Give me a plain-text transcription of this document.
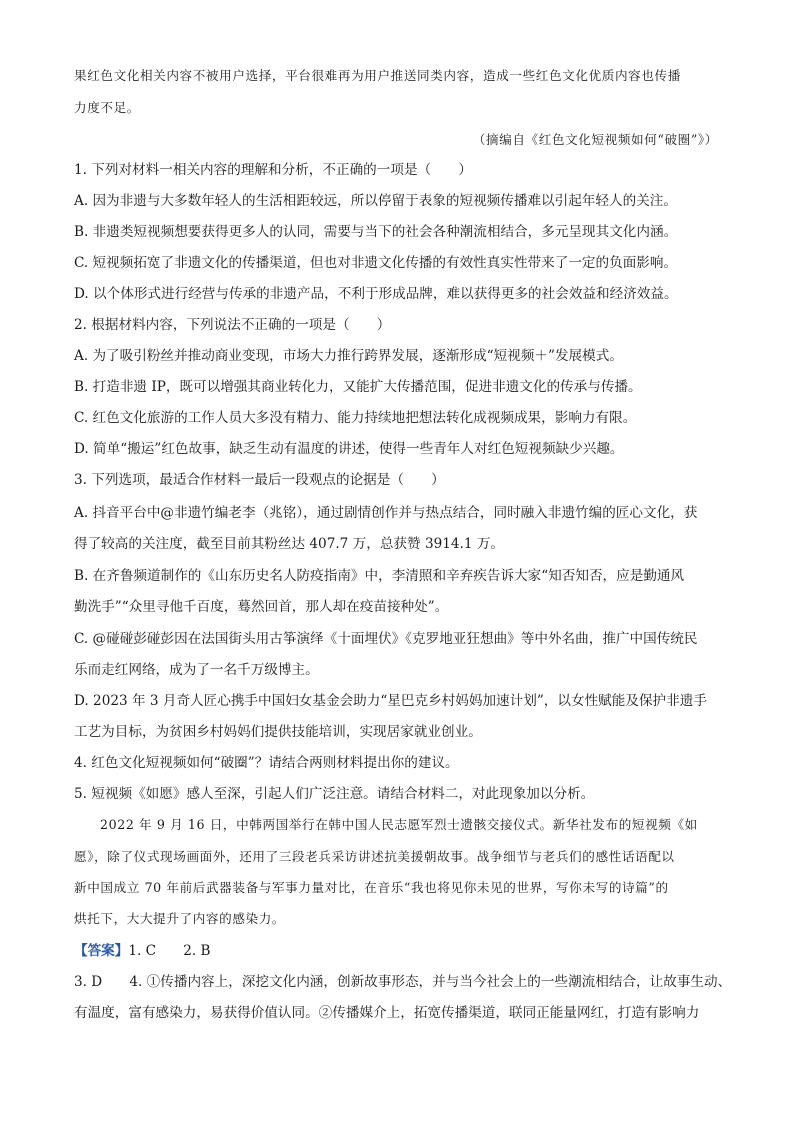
果红色文化相关内容不被用户选择，平台很难再为用户推送同类内容，造成一些红色文化优质内容也传播
力度不足。
（摘编自《红色文化短视频如何“破圈”》）
1. 下列对材料一相关内容的理解和分析，不正确的一项是（　　）
A. 因为非遗与大多数年轻人的生活相距较远，所以停留于表象的短视频传播难以引起年轻人的关注。
B. 非遗类短视频想要获得更多人的认同，需要与当下的社会各种潮流相结合，多元呈现其文化内涵。
C. 短视频拓宽了非遗文化的传播渠道，但也对非遗文化传播的有效性真实性带来了一定的负面影响。
D. 以个体形式进行经营与传承的非遗产品，不利于形成品牌，难以获得更多的社会效益和经济效益。
2. 根据材料内容，下列说法不正确的一项是（　　）
A. 为了吸引粉丝并推动商业变现，市场大力推行跨界发展，逐渐形成“短视频＋”发展模式。
B. 打造非遗 IP，既可以增强其商业转化力，又能扩大传播范围，促进非遗文化的传承与传播。
C. 红色文化旅游的工作人员大多没有精力、能力持续地把想法转化成视频成果，影响力有限。
D. 简单“搬运”红色故事，缺乏生动有温度的讲述，使得一些青年人对红色短视频缺少兴趣。
3. 下列选项，最适合作材料一最后一段观点的论据是（　　）
A. 抖音平台中@非遗竹编老李（兆铭），通过剧情创作并与热点结合，同时融入非遗竹编的匠心文化，获
得了较高的关注度，截至目前其粉丝达 407.7 万，总获赞 3914.1 万。
B. 在齐鲁频道制作的《山东历史名人防疫指南》中，李清照和辛弃疾告诉大家“知否知否，应是勤通风
勤洗手”“众里寻他千百度，蓦然回首，那人却在疫苗接种处”。
C. @碰碰彭碰彭因在法国街头用古筝演绎《十面埋伏》《克罗地亚狂想曲》等中外名曲，推广中国传统民
乐而走红网络，成为了一名千万级博主。
D. 2023 年 3 月奇人匠心携手中国妇女基金会助力“星巴克乡村妈妈加速计划”，以女性赋能及保护非遗手
工艺为目标，为贫困乡村妈妈们提供技能培训，实现居家就业创业。
4. 红色文化短视频如何“破圈”？请结合两则材料提出你的建议。
5. 短视频《如愿》感人至深，引起人们广泛注意。请结合材料二，对此现象加以分析。
2022 年 9 月 16 日，中韩两国举行在韩中国人民志愿军烈士遗骸交接仪式。新华社发布的短视频《如
愿》，除了仪式现场画面外，还用了三段老兵采访讲述抗美援朝故事。战争细节与老兵们的感性话语配以
新中国成立 70 年前后武器装备与军事力量对比，在音乐“我也将见你未见的世界，写你未写的诗篇”的
烘托下，大大提升了内容的感染力。
【答案】1. C　　2. B
3. D　　4. ①传播内容上，深挖文化内涵，创新故事形态，并与当今社会上的一些潮流相结合，让故事生动、
有温度，富有感染力，易获得价值认同。②传播媒介上，拓宽传播渠道，联同正能量网红，打造有影响力
